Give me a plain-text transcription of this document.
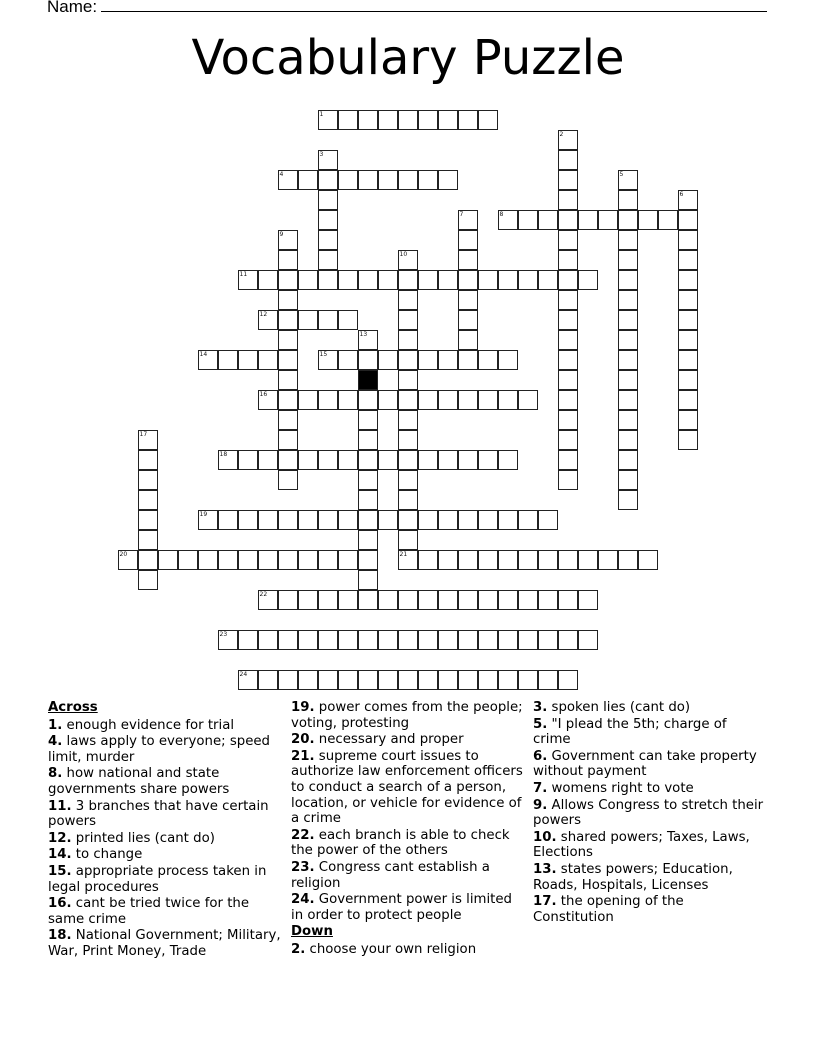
Name:
Vocabulary Puzzle
1
4
8
11
12
14	15
16
18
19
20	21
22
23
24
2
3
5
6
7
9
10
13
17
Across
1. enough evidence for trial
4. laws apply to everyone; speed limit, murder
8. how national and state governments share powers
11. 3 branches that have certain powers
12. printed lies (cant do)
14. to change
15. appropriate process taken in legal procedures
16. cant be tried twice for the same crime
18. National Government; Military, War, Print Money, Trade
19. power comes from the people; voting, protesting
20. necessary and proper
21. supreme court issues to authorize law enforcement officers to conduct a search of a person, location, or vehicle for evidence of a crime
22. each branch is able to check the power of the others
23. Congress cant establish a religion
24. Government power is limited in order to protect people
Down
2. choose your own religion
3. spoken lies (cant do)
5. "I plead the 5th; charge of crime
6. Government can take property without payment
7. womens right to vote
9. Allows Congress to stretch their powers
10. shared powers; Taxes, Laws, Elections
13. states powers; Education, Roads, Hospitals, Licenses
17. the opening of the Constitution
